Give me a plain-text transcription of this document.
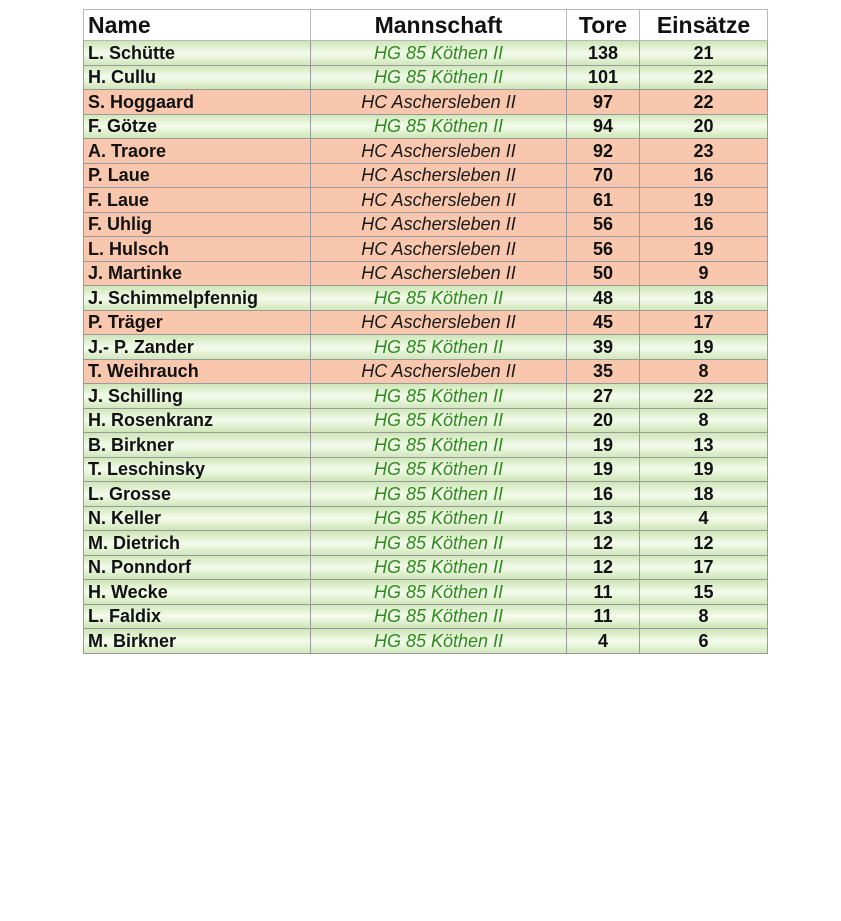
Name	Mannschaft	Tore	Einsätze
L. Schütte	HG 85 Köthen II	138	21
H. Cullu	HG 85 Köthen II	101	22
S. Hoggaard	HC Aschersleben II	97	22
F. Götze	HG 85 Köthen II	94	20
A. Traore	HC Aschersleben II	92	23
P. Laue	HC Aschersleben II	70	16
F. Laue	HC Aschersleben II	61	19
F. Uhlig	HC Aschersleben II	56	16
L. Hulsch	HC Aschersleben II	56	19
J. Martinke	HC Aschersleben II	50	9
J. Schimmelpfennig	HG 85 Köthen II	48	18
P. Träger	HC Aschersleben II	45	17
J.- P. Zander	HG 85 Köthen II	39	19
T. Weihrauch	HC Aschersleben II	35	8
J. Schilling	HG 85 Köthen II	27	22
H. Rosenkranz	HG 85 Köthen II	20	8
B. Birkner	HG 85 Köthen II	19	13
T. Leschinsky	HG 85 Köthen II	19	19
L. Grosse	HG 85 Köthen II	16	18
N. Keller	HG 85 Köthen II	13	4
M. Dietrich	HG 85 Köthen II	12	12
N. Ponndorf	HG 85 Köthen II	12	17
H. Wecke	HG 85 Köthen II	11	15
L. Faldix	HG 85 Köthen II	11	8
M. Birkner	HG 85 Köthen II	4	6
